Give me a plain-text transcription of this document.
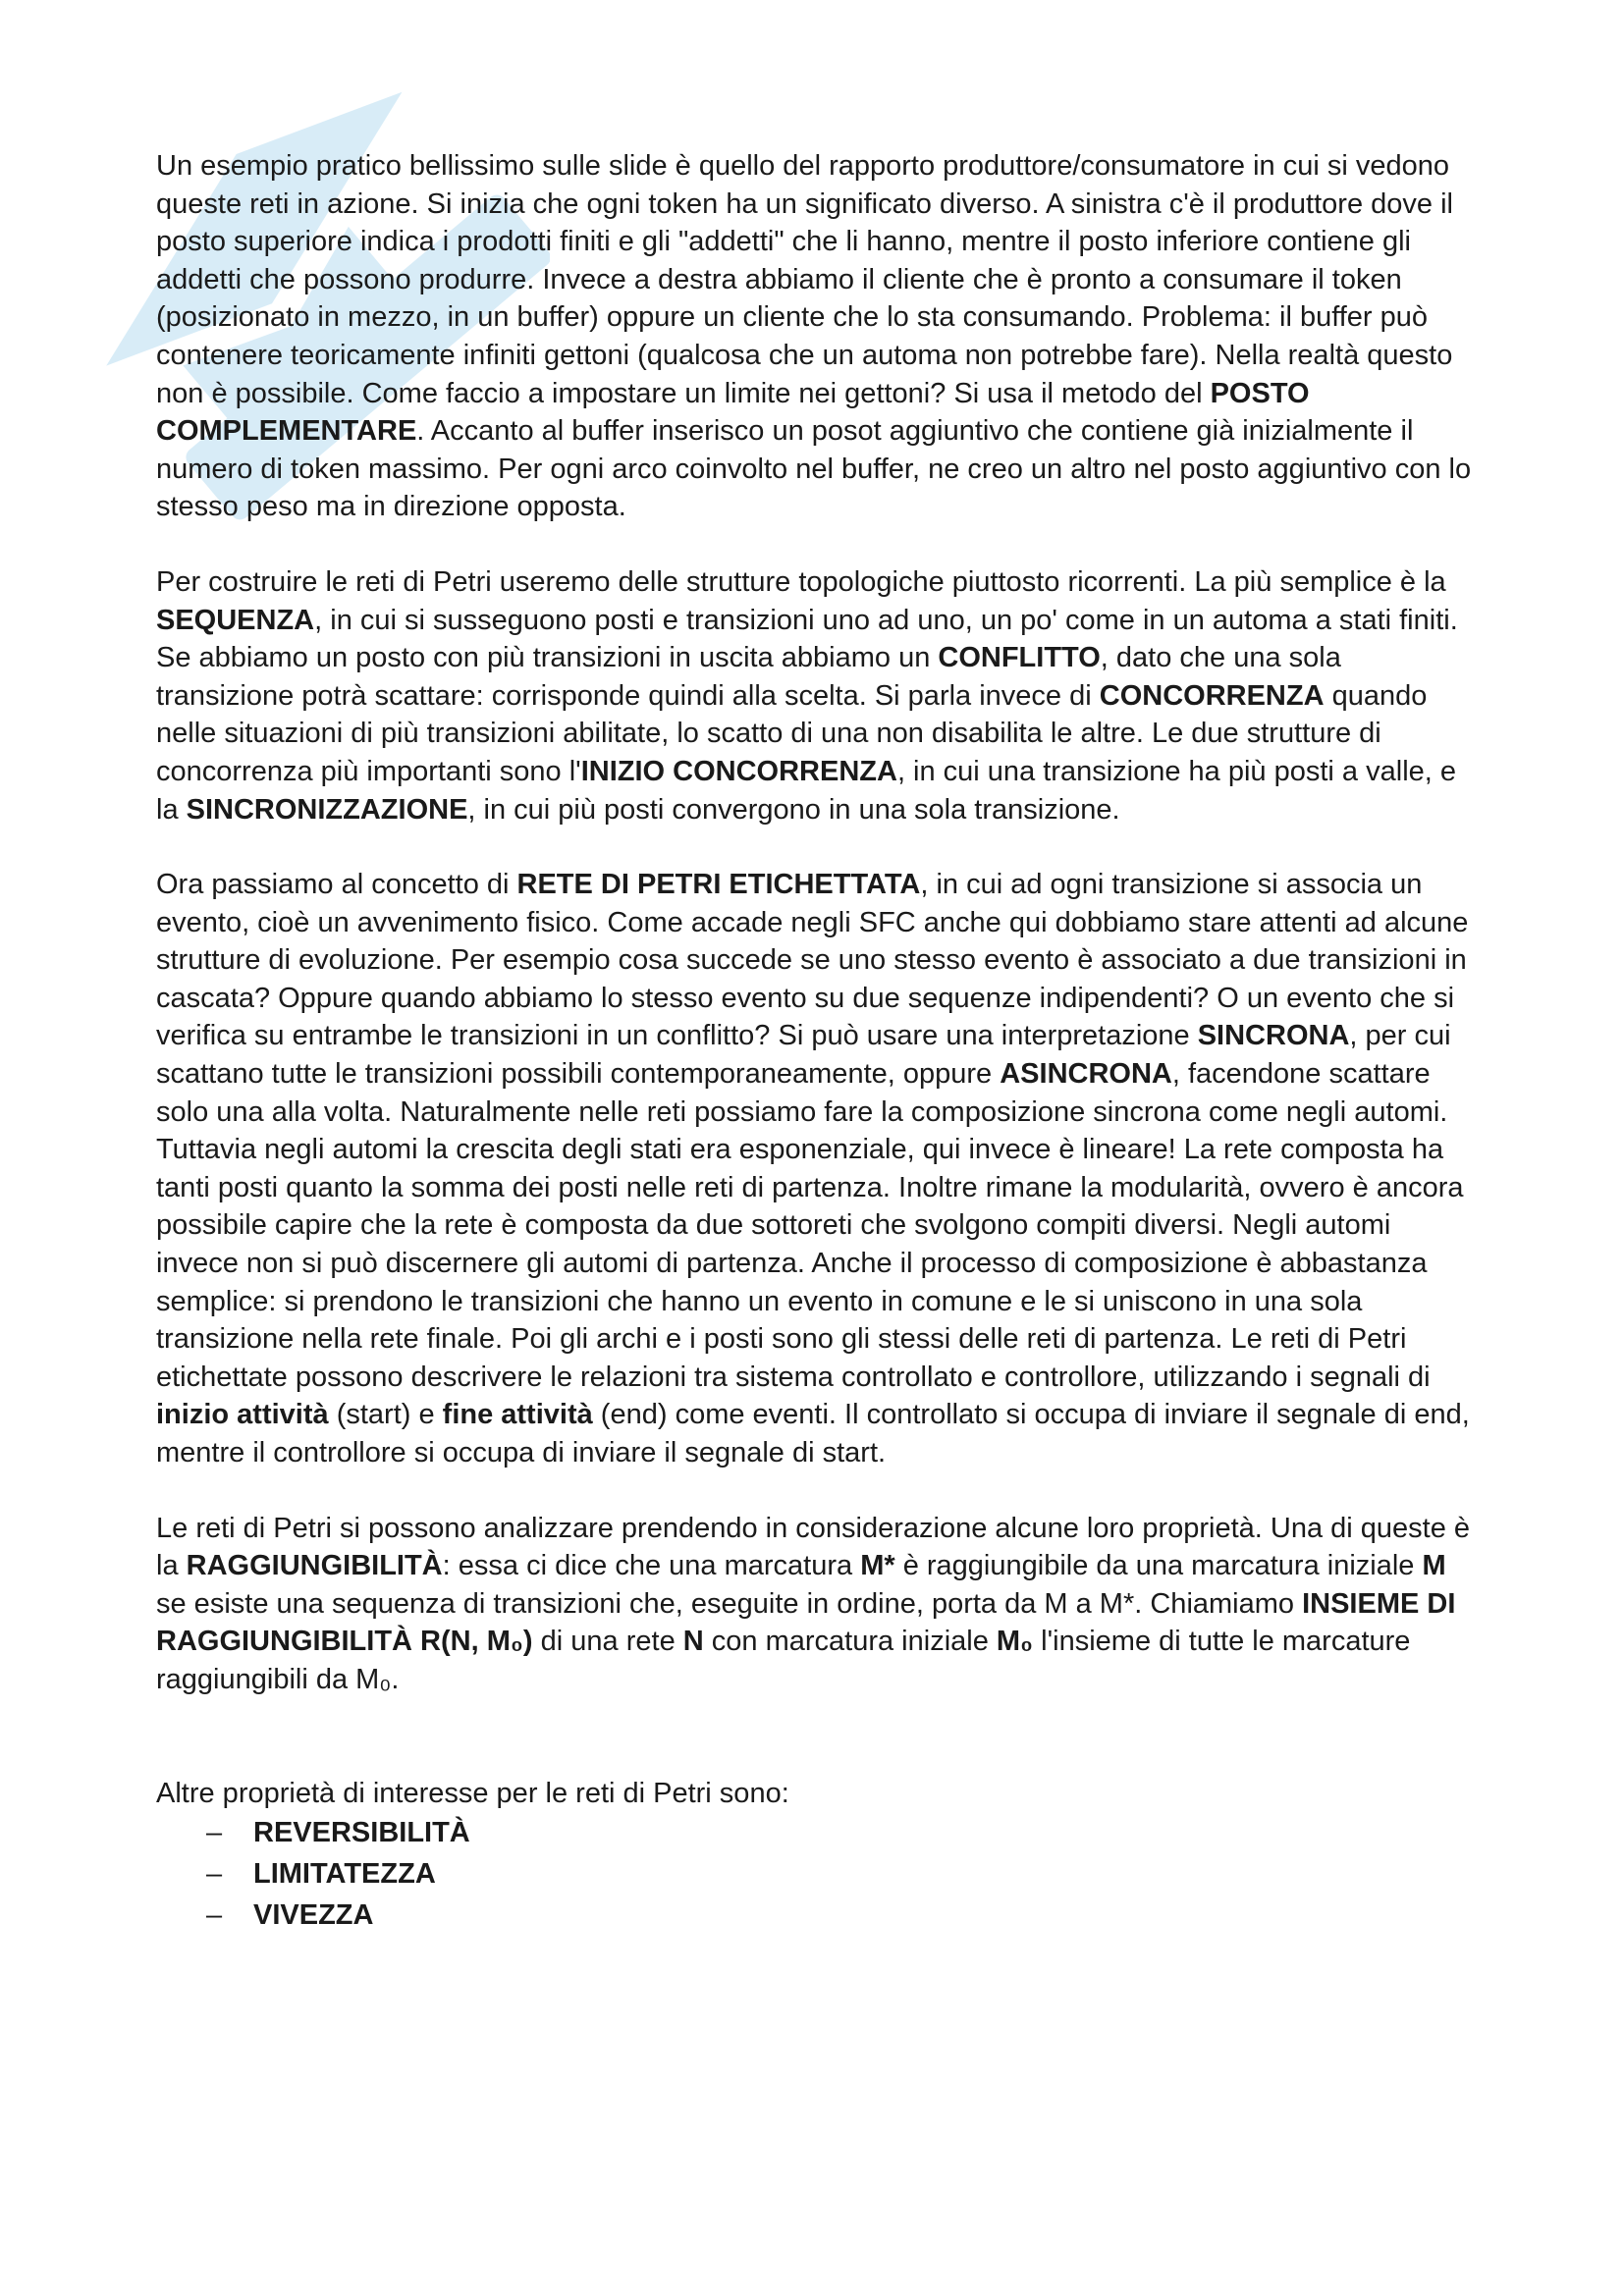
Un esempio pratico bellissimo sulle slide è quello del rapporto produttore/consumatore in cui si vedono queste reti in azione. Si inizia che ogni token ha un significato diverso. A sinistra c'è il produttore dove il posto superiore indica i prodotti finiti e gli "addetti" che li hanno, mentre il posto inferiore contiene gli addetti che possono produrre. Invece a destra abbiamo il cliente che è pronto a consumare il token (posizionato in mezzo, in un buffer) oppure un cliente che lo sta consumando. Problema: il buffer può contenere teoricamente infiniti gettoni (qualcosa che un automa non potrebbe fare). Nella realtà questo non è possibile. Come faccio a impostare un limite nei gettoni? Si usa il metodo del POSTO COMPLEMENTARE. Accanto al buffer inserisco un posot aggiuntivo che contiene già inizialmente il numero di token massimo. Per ogni arco coinvolto nel buffer, ne creo un altro nel posto aggiuntivo con lo stesso peso ma in direzione opposta.

Per costruire le reti di Petri useremo delle strutture topologiche piuttosto ricorrenti. La più semplice è la SEQUENZA, in cui si susseguono posti e transizioni uno ad uno, un po' come in un automa a stati finiti. Se abbiamo un posto con più transizioni in uscita abbiamo un CONFLITTO, dato che una sola transizione potrà scattare: corrisponde quindi alla scelta. Si parla invece di CONCORRENZA quando nelle situazioni di più transizioni abilitate, lo scatto di una non disabilita le altre. Le due strutture di concorrenza più importanti sono l'INIZIO CONCORRENZA, in cui una transizione ha più posti a valle, e la SINCRONIZZAZIONE, in cui più posti convergono in una sola transizione.

Ora passiamo al concetto di RETE DI PETRI ETICHETTATA, in cui ad ogni transizione si associa un evento, cioè un avvenimento fisico. Come accade negli SFC anche qui dobbiamo stare attenti ad alcune strutture di evoluzione. Per esempio cosa succede se uno stesso evento è associato a due transizioni in cascata? Oppure quando abbiamo lo stesso evento su due sequenze indipendenti? O un evento che si verifica su entrambe le transizioni in un conflitto? Si può usare una interpretazione SINCRONA, per cui scattano tutte le transizioni possibili contemporaneamente, oppure ASINCRONA, facendone scattare solo una alla volta. Naturalmente nelle reti possiamo fare la composizione sincrona come negli automi. Tuttavia negli automi la crescita degli stati era esponenziale, qui invece è lineare! La rete composta ha tanti posti quanto la somma dei posti nelle reti di partenza. Inoltre rimane la modularità, ovvero è ancora possibile capire che la rete è composta da due sottoreti che svolgono compiti diversi. Negli automi invece non si può discernere gli automi di partenza. Anche il processo di composizione è abbastanza semplice: si prendono le transizioni che hanno un evento in comune e le si uniscono in una sola transizione nella rete finale. Poi gli archi e i posti sono gli stessi delle reti di partenza. Le reti di Petri etichettate possono descrivere le relazioni tra sistema controllato e controllore, utilizzando i segnali di inizio attività (start) e fine attività (end) come eventi. Il controllato si occupa di inviare il segnale di end, mentre il controllore si occupa di inviare il segnale di start.

Le reti di Petri si possono analizzare prendendo in considerazione alcune loro proprietà. Una di queste è la RAGGIUNGIBILITÀ: essa ci dice che una marcatura M* è raggiungibile da una marcatura iniziale M se esiste una sequenza di transizioni che, eseguite in ordine, porta da M a M*. Chiamiamo INSIEME DI RAGGIUNGIBILITÀ R(N, M₀) di una rete N con marcatura iniziale M₀ l'insieme di tutte le marcature raggiungibili da M₀.

Altre proprietà di interesse per le reti di Petri sono:

– REVERSIBILITÀ
– LIMITATEZZA
– VIVEZZA
